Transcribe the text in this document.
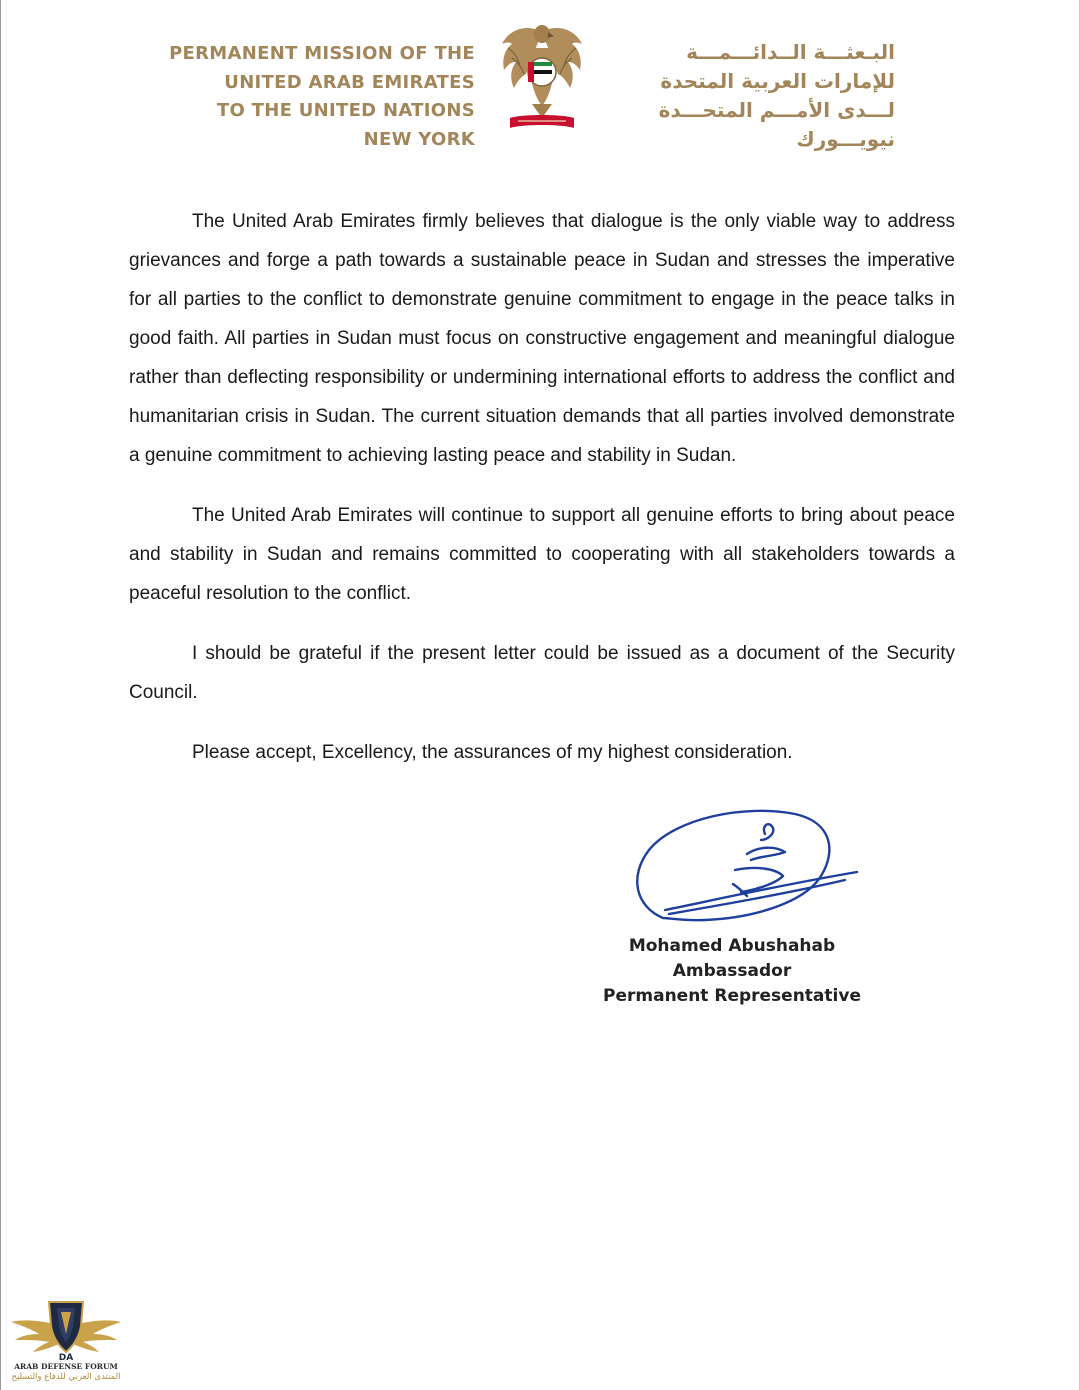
PERMANENT MISSION OF THE
UNITED ARAB EMIRATES
TO THE UNITED NATIONS
NEW YORK
البـعثـــة الــدائـــمـــة
للإمارات العربية المتحدة
لـــدى الأمـــم المتحـــدة
نيويـــورك

The United Arab Emirates firmly believes that dialogue is the only viable way to address grievances and forge a path towards a sustainable peace in Sudan and stresses the imperative for all parties to the conflict to demonstrate genuine commitment to engage in the peace talks in good faith. All parties in Sudan must focus on constructive engagement and meaningful dialogue rather than deflecting responsibility or undermining international efforts to address the conflict and humanitarian crisis in Sudan. The current situation demands that all parties involved demonstrate a genuine commitment to achieving lasting peace and stability in Sudan.

The United Arab Emirates will continue to support all genuine efforts to bring about peace and stability in Sudan and remains committed to cooperating with all stakeholders towards a peaceful resolution to the conflict.

I should be grateful if the present letter could be issued as a document of the Security Council.

Please accept, Excellency, the assurances of my highest consideration.

Mohamed Abushahab
Ambassador
Permanent Representative
DA
ARAB DEFENSE FORUM
المنتدى العربي للدفاع والتسليح
